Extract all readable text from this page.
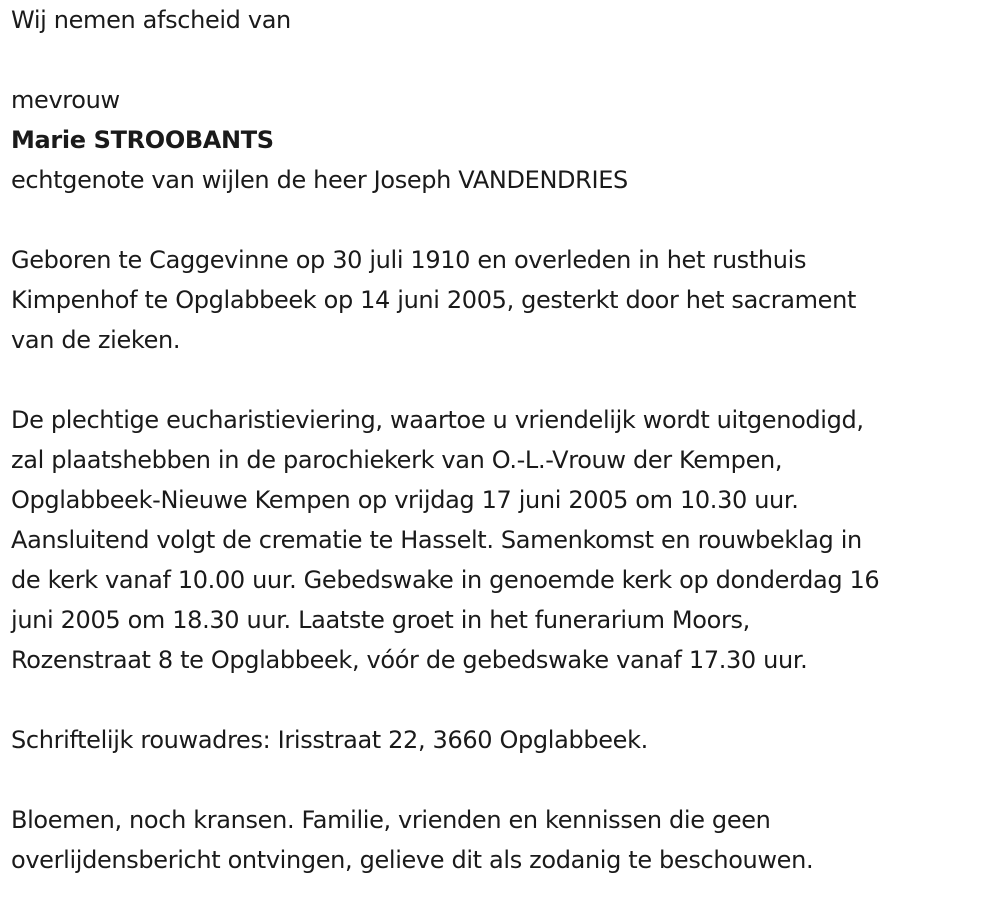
Wij nemen afscheid van
mevrouw
Marie STROOBANTS
echtgenote van wijlen de heer Joseph VANDENDRIES
Geboren te Caggevinne op 30 juli 1910 en overleden in het rusthuis
Kimpenhof te Opglabbeek op 14 juni 2005, gesterkt door het sacrament
van de zieken.
De plechtige eucharistieviering, waartoe u vriendelijk wordt uitgenodigd,
zal plaatshebben in de parochiekerk van O.-L.-Vrouw der Kempen,
Opglabbeek-Nieuwe Kempen op vrijdag 17 juni 2005 om 10.30 uur.
Aansluitend volgt de crematie te Hasselt. Samenkomst en rouwbeklag in
de kerk vanaf 10.00 uur. Gebedswake in genoemde kerk op donderdag 16
juni 2005 om 18.30 uur. Laatste groet in het funerarium Moors,
Rozenstraat 8 te Opglabbeek, vóór de gebedswake vanaf 17.30 uur.
Schriftelijk rouwadres: Irisstraat 22, 3660 Opglabbeek.
Bloemen, noch kransen. Familie, vrienden en kennissen die geen
overlijdensbericht ontvingen, gelieve dit als zodanig te beschouwen.
